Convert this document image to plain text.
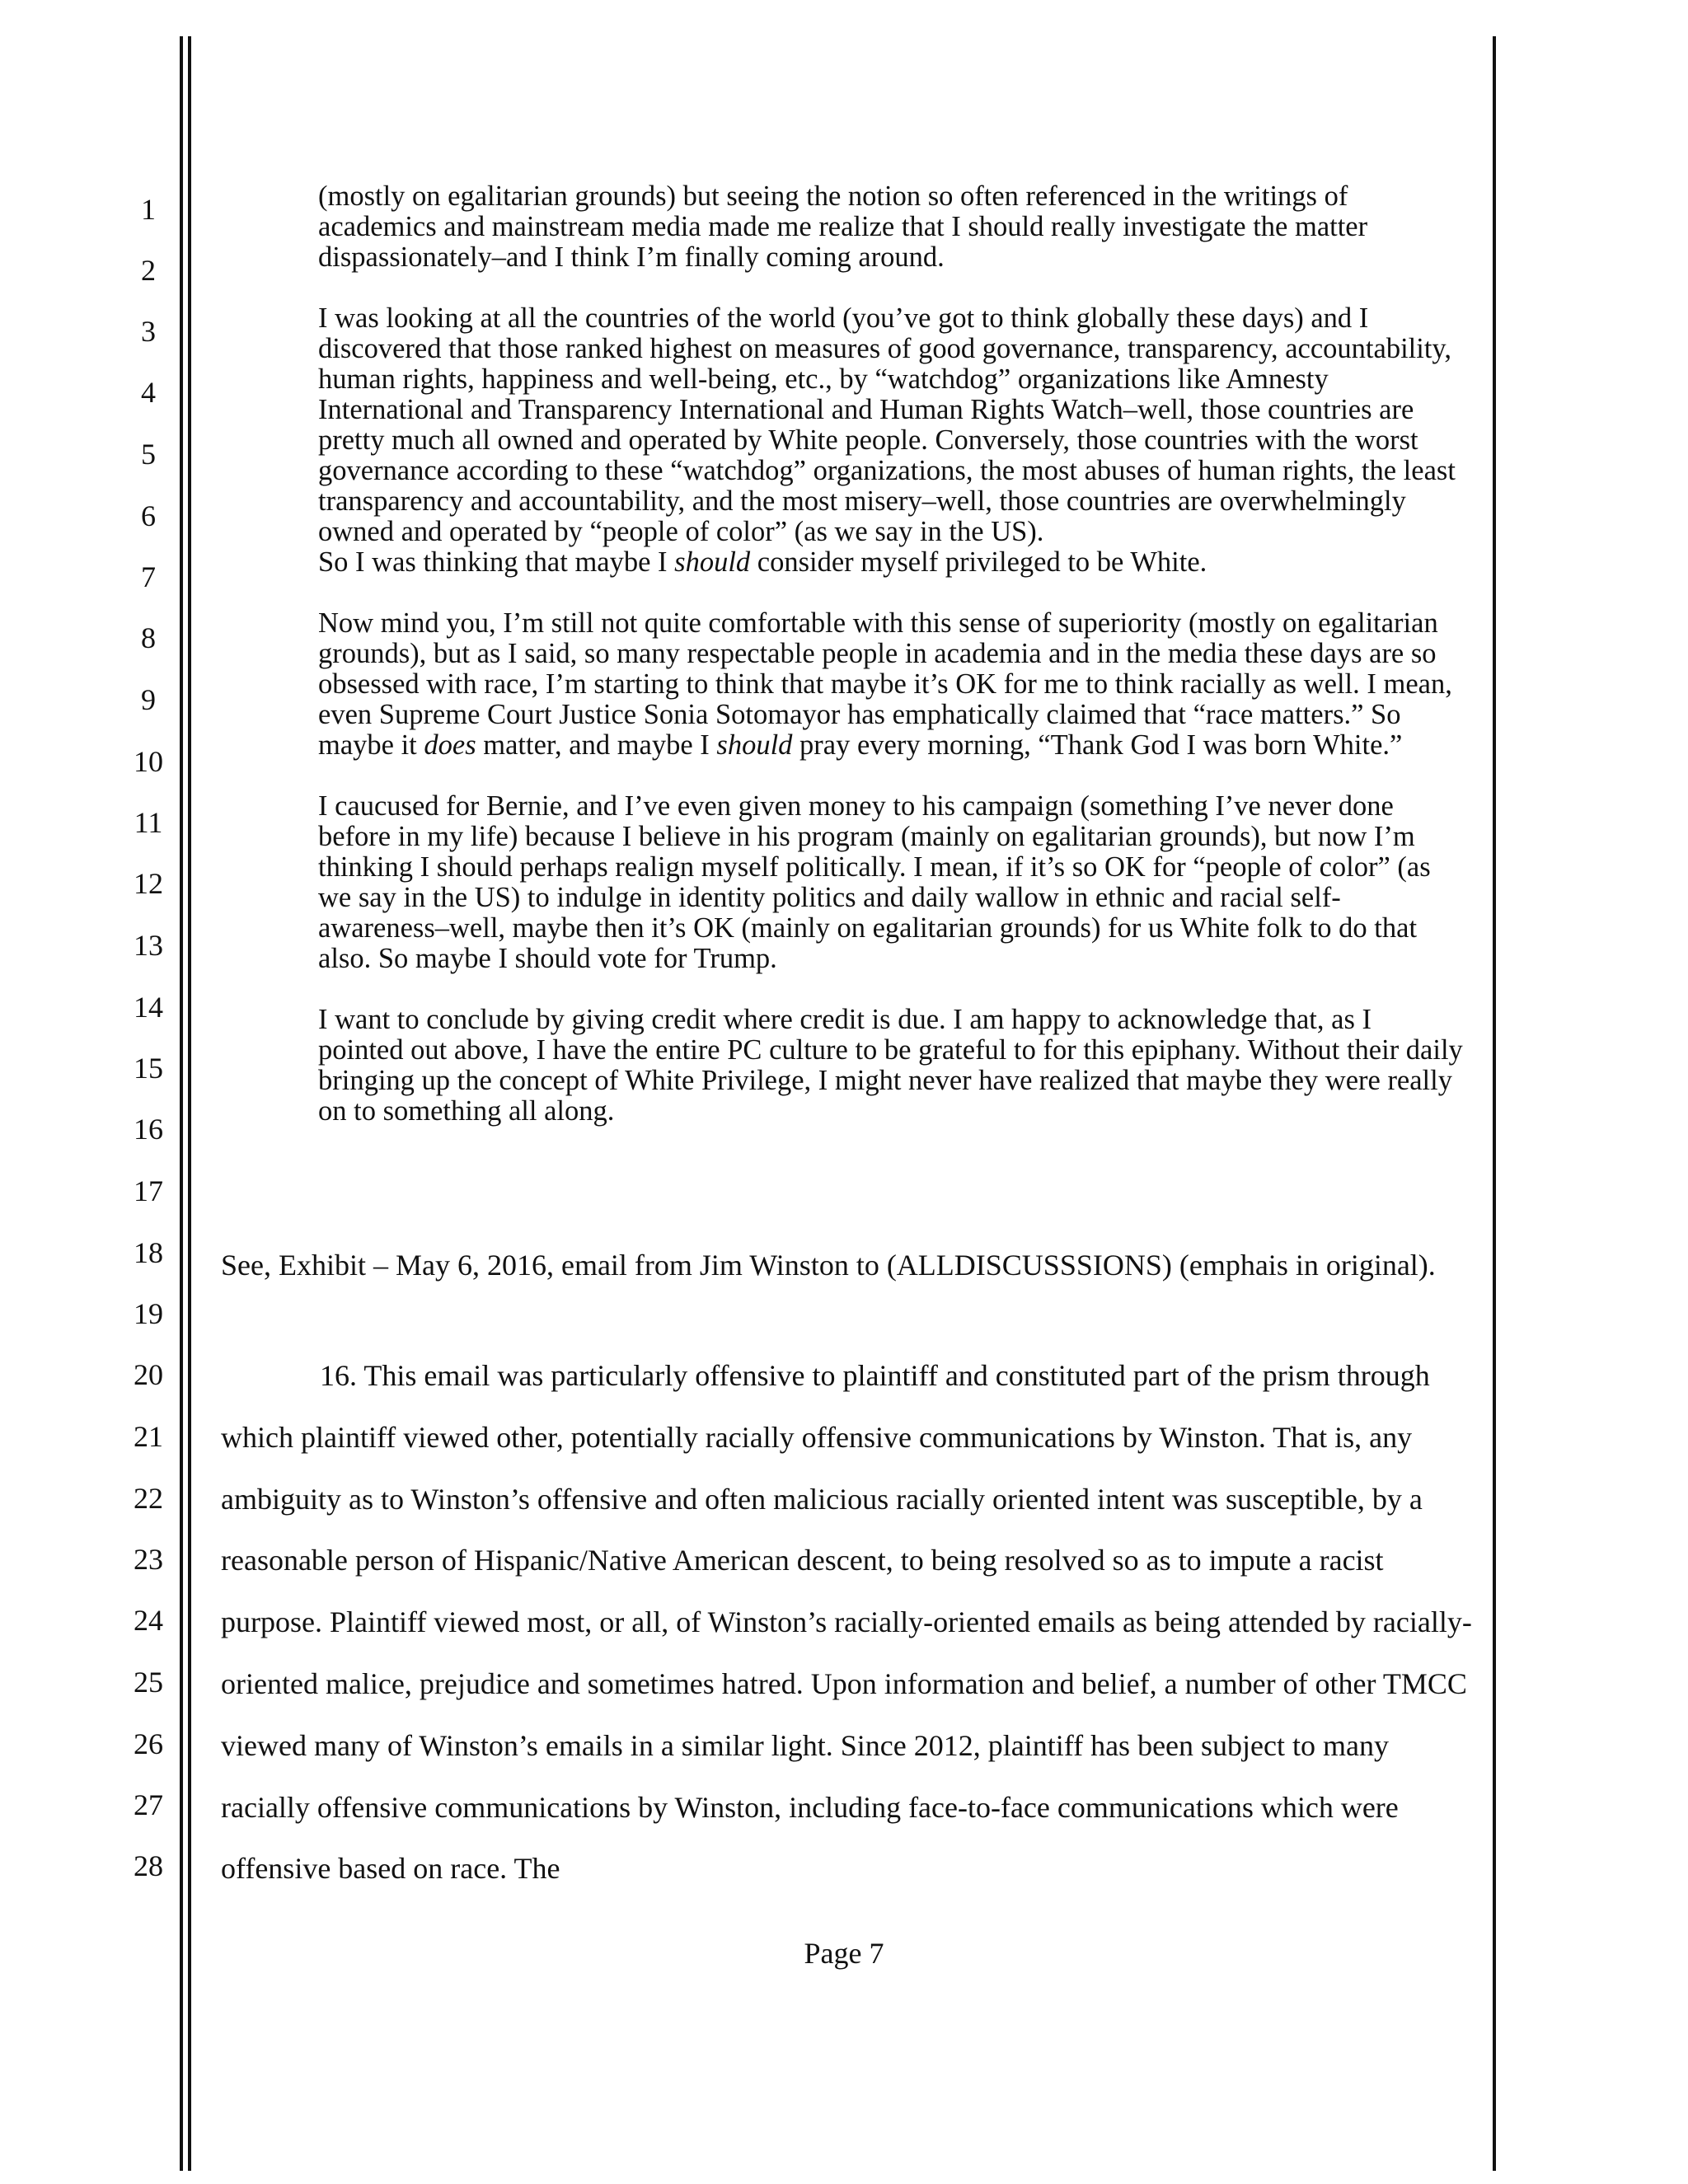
1
2
3
4
5
6
7
8
9
10
11
12
13
14
15
16
17
18
19
20
21
22
23
24
25
26
27
28

(mostly on egalitarian grounds) but seeing the notion so often referenced in the writings of academics and mainstream media made me realize that I should really investigate the matter dispassionately–and I think I’m finally coming around.

I was looking at all the countries of the world (you’ve got to think globally these days) and I discovered that those ranked highest on measures of good governance, transparency, accountability, human rights, happiness and well-being, etc., by “watchdog” organizations like Amnesty International and Transparency International and Human Rights Watch–well, those countries are pretty much all owned and operated by White people. Conversely, those countries with the worst governance according to these “watchdog” organizations, the most abuses of human rights, the least transparency and accountability, and the most misery–well, those countries are overwhelmingly owned and operated by “people of color” (as we say in the US).
So I was thinking that maybe I should consider myself privileged to be White.

Now mind you, I’m still not quite comfortable with this sense of superiority (mostly on egalitarian grounds), but as I said, so many respectable people in academia and in the media these days are so obsessed with race, I’m starting to think that maybe it’s OK for me to think racially as well. I mean, even Supreme Court Justice Sonia Sotomayor has emphatically claimed that “race matters.” So maybe it does matter, and maybe I should pray every morning, “Thank God I was born White.”

I caucused for Bernie, and I’ve even given money to his campaign (something I’ve never done before in my life) because I believe in his program (mainly on egalitarian grounds), but now I’m thinking I should perhaps realign myself politically. I mean, if it’s so OK for “people of color” (as we say in the US) to indulge in identity politics and daily wallow in ethnic and racial self-awareness–well, maybe then it’s OK (mainly on egalitarian grounds) for us White folk to do that also. So maybe I should vote for Trump.

I want to conclude by giving credit where credit is due. I am happy to acknowledge that, as I pointed out above, I have the entire PC culture to be grateful to for this epiphany. Without their daily bringing up the concept of White Privilege, I might never have realized that maybe they were really on to something all along.

See, Exhibit – May 6, 2016, email from Jim Winston to (ALLDISCUSSSIONS) (emphais in original).
16. This email was particularly offensive to plaintiff and constituted part of the prism through which plaintiff viewed other, potentially racially offensive communications by Winston. That is, any ambiguity as to Winston’s offensive and often malicious racially oriented intent was susceptible, by a reasonable person of Hispanic/Native American descent, to being resolved so as to impute a racist purpose. Plaintiff viewed most, or all, of Winston’s racially-oriented emails as being attended by racially-oriented malice, prejudice and sometimes hatred. Upon information and belief, a number of other TMCC viewed many of Winston’s emails in a similar light. Since 2012, plaintiff has been subject to many racially offensive communications by Winston, including face-to-face communications which were offensive based on race. The
Page 7
